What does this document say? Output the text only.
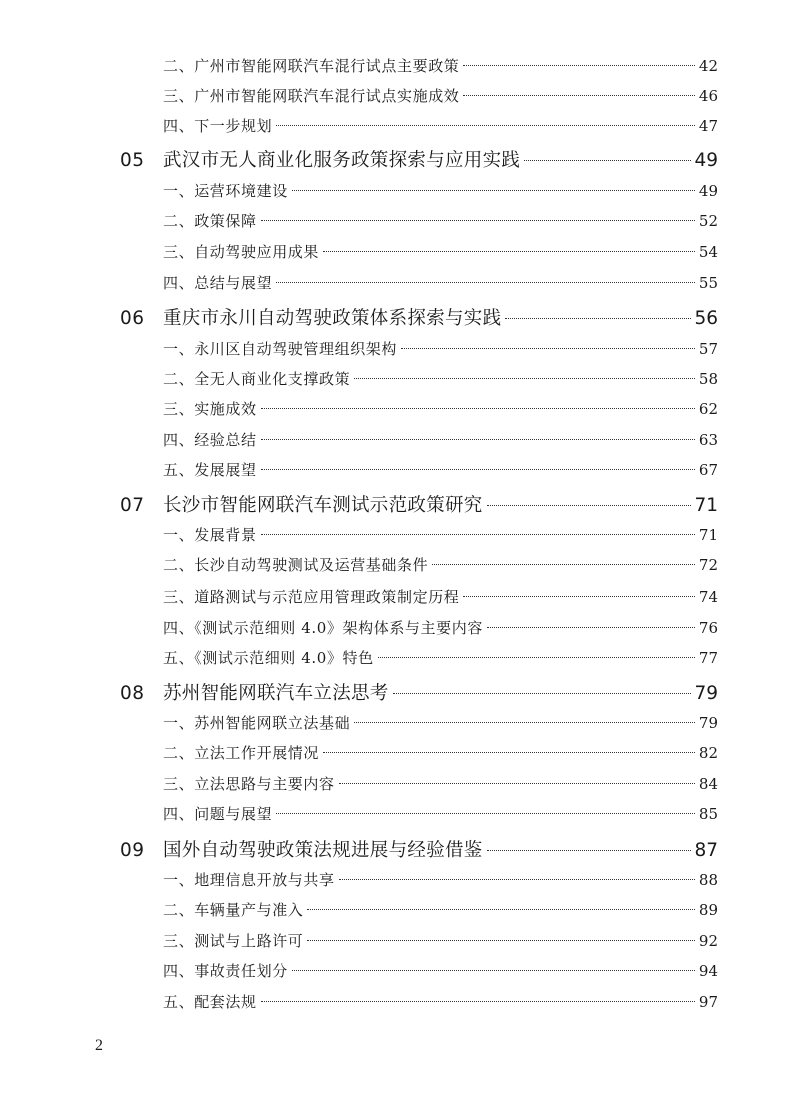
二、广州市智能网联汽车混行试点主要政策	42
三、广州市智能网联汽车混行试点实施成效	46
四、下一步规划	47
05 武汉市无人商业化服务政策探索与应用实践	49
一、运营环境建设	49
二、政策保障	52
三、自动驾驶应用成果	54
四、总结与展望	55
06 重庆市永川自动驾驶政策体系探索与实践	56
一、永川区自动驾驶管理组织架构	57
二、全无人商业化支撑政策	58
三、实施成效	62
四、经验总结	63
五、发展展望	67
07 长沙市智能网联汽车测试示范政策研究	71
一、发展背景	71
二、长沙自动驾驶测试及运营基础条件	72
三、道路测试与示范应用管理政策制定历程	74
四、《测试示范细则 4.0》架构体系与主要内容	76
五、《测试示范细则 4.0》特色	77
08 苏州智能网联汽车立法思考	79
一、苏州智能网联立法基础	79
二、立法工作开展情况	82
三、立法思路与主要内容	84
四、问题与展望	85
09 国外自动驾驶政策法规进展与经验借鉴	87
一、地理信息开放与共享	88
二、车辆量产与准入	89
三、测试与上路许可	92
四、事故责任划分	94
五、配套法规	97
2
